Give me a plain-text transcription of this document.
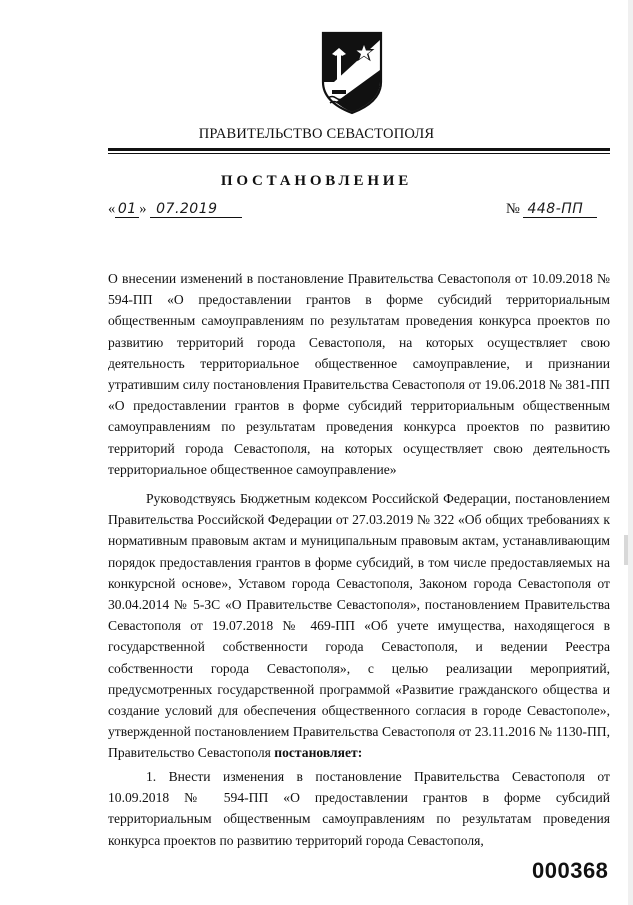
ПРАВИТЕЛЬСТВО СЕВАСТОПОЛЯ
ПОСТАНОВЛЕНИЕ
« 01 » 07.2019	№ 448-ПП

О внесении изменений в постановление Правительства Севастополя от 10.09.2018 № 594-ПП «О предоставлении грантов в форме субсидий территориальным общественным самоуправлениям по результатам проведения конкурса проектов по развитию территорий города Севастополя, на которых осуществляет свою деятельность территориальное общественное самоуправление, и признании утратившим силу постановления Правительства Севастополя от 19.06.2018 № 381-ПП «О предоставлении грантов в форме субсидий территориальным общественным самоуправлениям по результатам проведения конкурса проектов по развитию территорий города Севастополя, на которых осуществляет свою деятельность территориальное общественное самоуправление»

Руководствуясь Бюджетным кодексом Российской Федерации, постановлением Правительства Российской Федерации от 27.03.2019 № 322 «Об общих требованиях к нормативным правовым актам и муниципальным правовым актам, устанавливающим порядок предоставления грантов в форме субсидий, в том числе предоставляемых на конкурсной основе», Уставом города Севастополя, Законом города Севастополя от 30.04.2014 № 5-ЗС «О Правительстве Севастополя», постановлением Правительства Севастополя от 19.07.2018 № 469-ПП «Об учете имущества, находящегося в государственной собственности города Севастополя, и ведении Реестра собственности города Севастополя», с целью реализации мероприятий, предусмотренных государственной программой «Развитие гражданского общества и создание условий для обеспечения общественного согласия в городе Севастополе», утвержденной постановлением Правительства Севастополя от 23.11.2016 № 1130-ПП, Правительство Севастополя постановляет:

1. Внести изменения в постановление Правительства Севастополя от 10.09.2018 № 594-ПП «О предоставлении грантов в форме субсидий территориальным общественным самоуправлениям по результатам проведения конкурса проектов по развитию территорий города Севастополя,

000368
